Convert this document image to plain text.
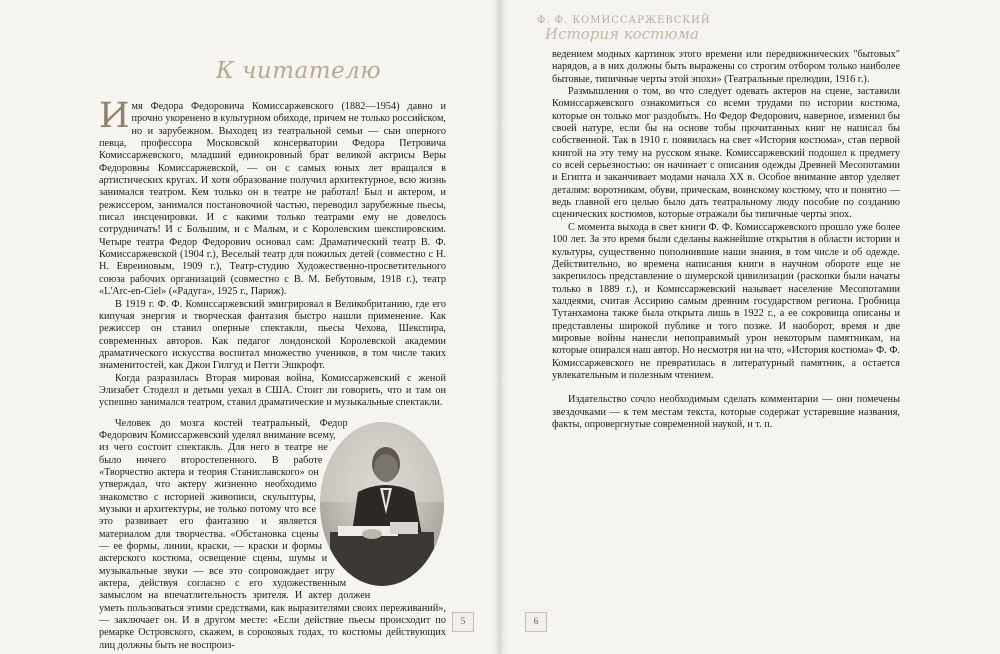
К читателю

Имя Федора Федоровича Комиссаржевского (1882—1954) давно и прочно укоренено в культурном обиходе, причем не только российском, но и зарубежном. Выходец из театральной семьи — сын оперного певца, профессора Московской консерватории Федора Петровича Комиссаржевского, младший единокровный брат великой актрисы Веры Федоровны Комиссаржевской, — он с самых юных лет вращался в артистических кругах. И хотя образование получил архитектурное, всю жизнь занимался театром. Кем только он в театре не работал! Был и актером, и режиссером, занимался постановочной частью, переводил зарубежные пьесы, писал инсценировки. И с какими только театрами ему не довелось сотрудничать! И с Большим, и с Малым, и с Королевским шекспировским. Четыре театра Федор Федорович основал сам: Драматический театр В. Ф. Комиссаржевской (1904 г.), Веселый театр для пожилых детей (совместно с Н. Н. Евреиновым, 1909 г.), Театр-студию Художественно-просветительного союза рабочих организаций (совместно с В. М. Бебутовым, 1918 г.), театр «L'Arc-en-Ciel» («Радуга», 1925 г., Париж).

В 1919 г. Ф. Ф. Комиссаржевский эмигрировал в Великобританию, где его кипучая энергия и творческая фантазия быстро нашли применение. Как режиссер он ставил оперные спектакли, пьесы Чехова, Шекспира, современных авторов. Как педагог лондонской Королевской академии драматического искусства воспитал множество учеников, в том числе таких знаменитостей, как Джон Гилгуд и Пегги Эшкрофт.

Когда разразилась Вторая мировая война, Комиссаржевский с женой Элизабет Стоделл и детьми уехал в США. Стоит ли говорить, что и там он успешно занимался театром, ставил драматические и музыкальные спектакли.

Человек до мозга костей театральный, Федор Федорович Комиссаржевский уделял внимание всему, из чего состоит спектакль. Для него в театре не было ничего второстепенного. В работе «Творчество актера и теория Станиславского» он утверждал, что актеру жизненно необходимо знакомство с историей живописи, скульптуры, музыки и архитектуры, не только потому что все это развивает его фантазию и является материалом для творчества. «Обстановка сцены — ее формы, линии, краски, — краски и формы актерского костюма, освещение сцены, шумы и музыкальные звуки — все это сопровождает игру актера, действуя согласно с его художественным замыслом на впечатлительность зрителя. И актер должен уметь пользоваться этими средствами, как выразителями своих переживаний», — заключает он. И в другом месте: «Если действие пьесы происходит по ремарке Островского, скажем, в сороковых годах, то костюмы действующих лиц должны быть не воспроиз-

5
Ф. Ф. КОМИССАРЖЕВСКИЙ
История костюма

ведением модных картинок этого времени или передвижнических "бытовых" нарядов, а в них должны быть выражены со строгим отбором только наиболее бытовые, типичные черты этой эпохи» (Театральные прелюдии, 1916 г.).

Размышления о том, во что следует одевать актеров на сцене, заставили Комиссаржевского ознакомиться со всеми трудами по истории костюма, которые он только мог раздобыть. Но Федор Федорович, наверное, изменил бы своей натуре, если бы на основе тобы прочитанных книг не написал бы собственной. Так в 1910 г. появилась на свет «История костюма», став первой книгой на эту тему на русском языке. Комиссаржевский подошел к предмету со всей серьезностью: он начинает с описания одежды Древней Месопотамии и Египта и заканчивает модами начала XX в. Особое внимание автор уделяет деталям: воротникам, обуви, прическам, воинскому костюму, что и понятно — ведь главной его целью было дать театральному люду пособие по созданию сценических костюмов, которые отражали бы типичные черты эпох.

С момента выхода в свет книги Ф. Ф. Комиссаржевского прошло уже более 100 лет. За это время были сделаны важнейшие открытия в области истории и культуры, существенно пополнившие наши знания, в том числе и об одежде. Действительно, во времена написания книги в научном обороте еще не закрепилось представление о шумерской цивилизации (раскопки были начаты только в 1889 г.), и Комиссаржевский называет население Месопотамии халдеями, считая Ассирию самым древним государством региона. Гробница Тутанхамона также была открыта лишь в 1922 г., а ее сокровища описаны и представлены широкой публике и того позже. И наоборот, время и две мировые войны нанесли непоправимый урон некоторым памятникам, на которые опирался наш автор. Но несмотря ни на что, «История костюма» Ф. Ф. Комиссаржевского не превратилась в литературный памятник, а остается увлекательным и полезным чтением.

Издательство сочло необходимым сделать комментарии — они помечены звездочками — к тем местам текста, которые содержат устаревшие названия, факты, опровергнутые современной наукой, и т. п.

6
